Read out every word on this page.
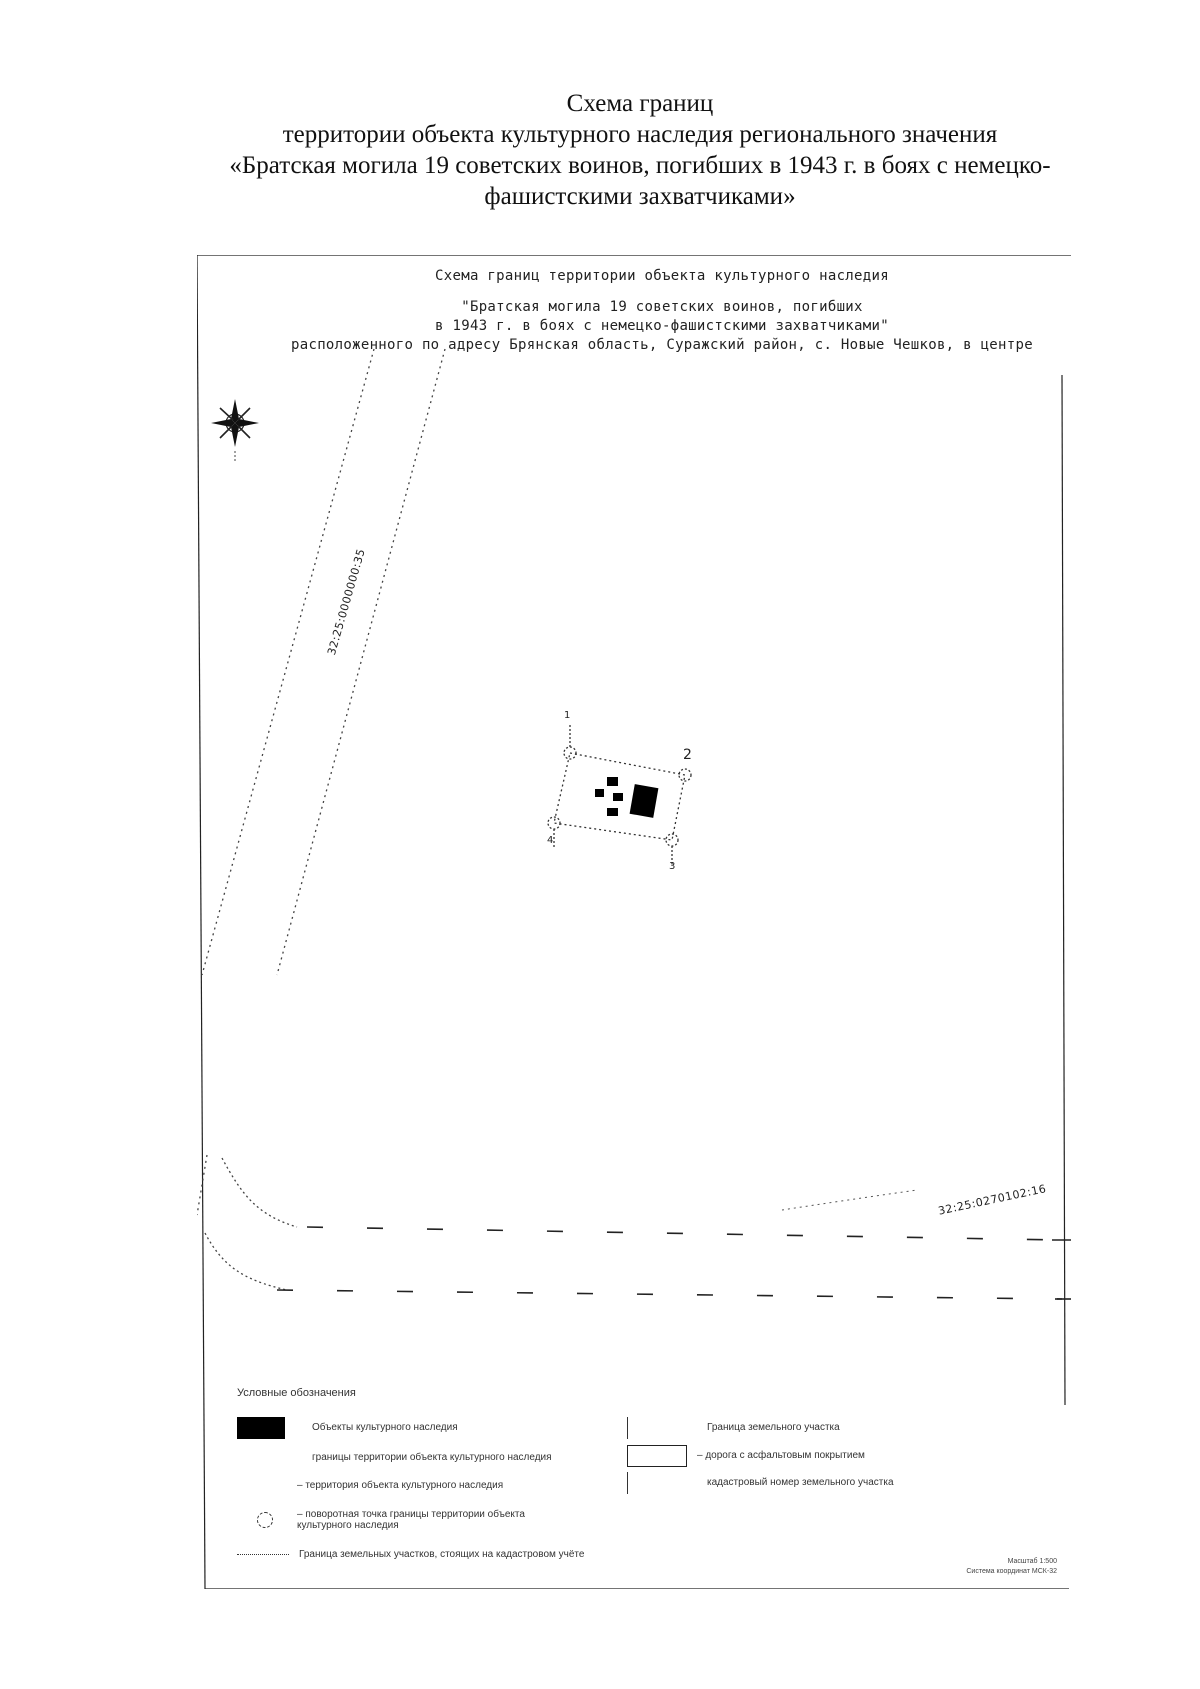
Схема границ
территории объекта культурного наследия регионального значения
«Братская могила 19 советских воинов, погибших в 1943 г. в боях с немецко-
фашистскими захватчиками»
Схема границ территории объекта культурного наследия
"Братская могила 19 советских воинов, погибших
в 1943 г. в боях с немецко-фашистскими захватчиками"
расположенного по адресу Брянская область, Суражский район, с. Новые Чешков, в центре
32:25:0000000:35
32:25:0270102:16
1
2
3
4
Условные обозначения
Объекты культурного наследия
границы территории объекта культурного наследия
– территория объекта культурного наследия
– поворотная точка границы территории объекта культурного наследия
Граница земельных участков, стоящих на кадастровом учёте
Граница земельного участка
– дорога с асфальтовым покрытием
кадастровый номер земельного участка
Масштаб 1:500
Система координат МСК-32
